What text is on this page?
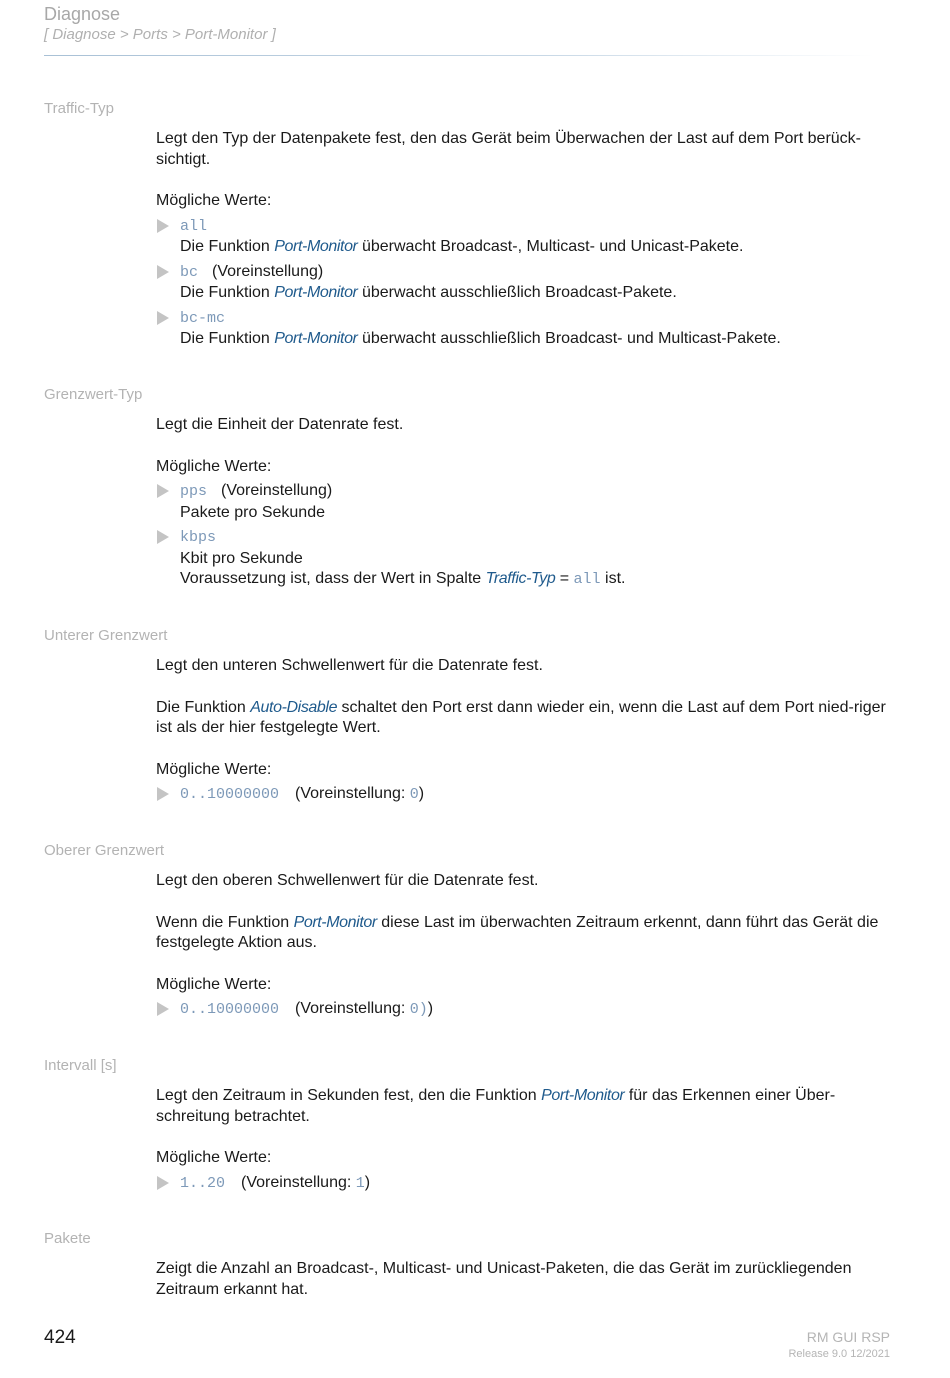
Diagnose
[ Diagnose > Ports > Port-Monitor ]
Traffic-Typ

Legt den Typ der Datenpakete fest, den das Gerät beim Überwachen der Last auf dem Port berück-sichtigt.

Mögliche Werte:

all
Die Funktion Port-Monitor überwacht Broadcast-, Multicast- und Unicast-Pakete.
bc (Voreinstellung)
Die Funktion Port-Monitor überwacht ausschließlich Broadcast-Pakete.
bc-mc
Die Funktion Port-Monitor überwacht ausschließlich Broadcast- und Multicast-Pakete.
Grenzwert-Typ

Legt die Einheit der Datenrate fest.

Mögliche Werte:

pps (Voreinstellung)
Pakete pro Sekunde
kbps
Kbit pro Sekunde
Voraussetzung ist, dass der Wert in Spalte Traffic-Typ = all ist.
Unterer Grenzwert

Legt den unteren Schwellenwert für die Datenrate fest.

Die Funktion Auto-Disable schaltet den Port erst dann wieder ein, wenn die Last auf dem Port nied-riger ist als der hier festgelegte Wert.

Mögliche Werte:

0..10000000 (Voreinstellung: 0)
Oberer Grenzwert

Legt den oberen Schwellenwert für die Datenrate fest.

Wenn die Funktion Port-Monitor diese Last im überwachten Zeitraum erkennt, dann führt das Gerät die festgelegte Aktion aus.

Mögliche Werte:

0..10000000 (Voreinstellung: 0))
Intervall [s]

Legt den Zeitraum in Sekunden fest, den die Funktion Port-Monitor für das Erkennen einer Über-schreitung betrachtet.

Mögliche Werte:

1..20 (Voreinstellung: 1)
Pakete

Zeigt die Anzahl an Broadcast-, Multicast- und Unicast-Paketen, die das Gerät im zurückliegenden Zeitraum erkannt hat.

424	RM GUI RSP
Release 9.0 12/2021
